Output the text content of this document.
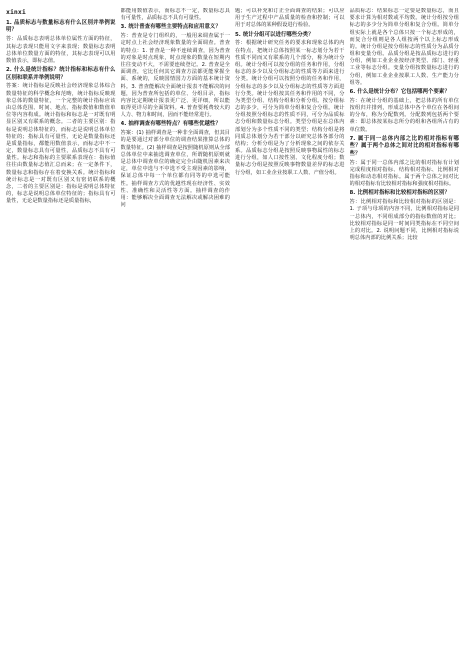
xinxi

1. 品质标志与数量标志有什么区别并举例说明？

答：品质标志表明总体单位属性方面的特征，其标志表现只能用文字来表现；数量标志表明总体单位数量方面的特征，其标志表现可以用数值表示，即标志值。

2. 什么是统计指标？统计指标和标志有什么区别和联系并举例说明？

答案：统计指标是反映社会经济现象总体综合数量特征的科学概念和范畴，统计指标反映现象总体的数量特征，一个完整的统计指标应该由总体范围、时间、地点、指标数值和数值单位等内容构成。统计指标和标志是一对既有明显区别又有联系的概念。二者的主要区别：指标是说明总体特征的，而标志是说明总体单位特征的；指标具有可量性，无论是数量指标还是质量指标，都能用数值表示，而标志中不一定，数量标志具有可量性，品质标志不具有可量性。标志和指标的主要联系表现在：指标值往往由数量标志值汇总而来；在一定条件下，数量标志和指标存在着变换关系。统计指标和统计标志是一对既有区别又有密切联系的概念，二者的主要区别是：指标是说明总体特征的，标志是说明总体单位特征的；指标具有可量性，无论是数量指标还是质量指标，

都能用数值表示，而标志不一定，数量标志具有可量性，品质标志不具有可量性。

3. 统计普查有哪些主要特点和应用意义？

答：普查是专门组织的，一般用来调查属于一定时点上社会经济现象数量的全面调查。普查的特点：1. 普查是一种不连续调查，因为普查的对象是时点现象，时点现象的数量在短期内往往变动不大，不需要连续登记。2. 普查是全面调查，它比任何其它调查方法都更能掌握全面、系统的，反映国情国力方面的基本统计资料。3. 普查能解决全面统计报表不能解决的问题，因为普查所包括的单位、分组目录，指标内容比定期统计报表更广泛、更详细，所以能取得更详尽的全面资料。4. 普查要耗费较大的人力、物力和时间，因而不能经常进行。

4. 抽样调查有哪些特点？有哪些优越性？

答案：(1) 抽样调查是一种非全面调查，但其目的是要通过对部分单位的调查结果推算总体的数量特征。(2) 抽样调查是按照随机原则从全部总体单位中来抽选调查单位，所谓随机原则就是总体中调查单位的确定完全由随机因素来决定，单位中选与不中选不受主观因素的影响，保证总体中每一个单位都有同等的中选可能性。抽样调查方式的优越性现在经济性、实效性、准确性和灵活性等方面。抽样调查的作用：能够解决全面调查无法解决或解决困难的问

题；可以补充和订正全面调查的结果；可以应用于生产过程中产品质量的检查和控制；可以用于对总体的某种假设进行检验。

5. 统计分组可以进行哪些分类？

答：根据统计研究任务的要求和现象总体的内在特点，把统计总体按照某一标志划分为若干性质不同而又有联系的几个部分，称为统计分组。统计分组可以按分组的任务和作用，分组标志的多少以及分组标志的性质等方面来进行分类。统计分组可以按照分组的任务和作用，分组标志的多少以及分组标志的性质等方面进行分类。统计分组按其任务和作用的不同，分为类型分组、结构分组和分析分组。按分组标志的多少，可分为简单分组和复合分组。统计分组按照分组标志的性质不同，可分为品质标志分组和数量标志分组。类型分组是在总体内部划分为多个性质不同的类型；结构分组是将同质总体划分为若干部分以研究总体各部分的结构；分析分组是为了分析现象之间的依存关系。品质标志分组是按照反映事物属性的标志进行分组，如人口按性别、文化程度分组；数量标志分组是按照反映事物数量差异的标志进行分组，如工业企业按职工人数、产值分组。

品质标志：结果标志一定要是数量标志，而且要求计算为相对数或平均数。统计分组按分组标志的多少分为简单分组和复合分组。简单分组实际上就是各个总体只按一个标志形成的，而复合分组则是各人组按两个以上标志形成的。统计分组是按分组标志的性质分为品质分组和变量分组。品质分组是按品质标志进行的分组，例如工业企业按经济类型、部门、轻重工业等标志分组。变量分组按数量标志进行的分组，例如工业企业按职工人数、生产能力分组等。

6. 什么是统计分布？它包括哪两个要素？

答：在统计分组的基础上，把总体的所有单位按组归并排列，形成总体中各个单位在各组间的分布，称为分配数列。分配数列包括两个要素：即总体按某标志所分的组和各组所占有的单位数。

7. 属于同一总体内部之比的相对指标有哪些？属于两个总体之间对比的相对指标有哪些？

答：属于同一总体内部之比的相对指标有计划完成程度相对指标、结构相对指标、比例相对指标和动态相对指标。属于两个总体之间对比的相对指标有比较相对指标和强度相对指标。

8. 比例相对指标和比较相对指标的区别？

答：比例相对指标和比较相对指标的区别是：1. 子项与母项的内容不同，比例相对指标是同一总体内，不同组成部分的指标数值的对比；比较相对指标是同一时间同类指标在不同空间上的对比。2. 说明问题不同，比例相对指标说明总体内部的比例关系；比较
